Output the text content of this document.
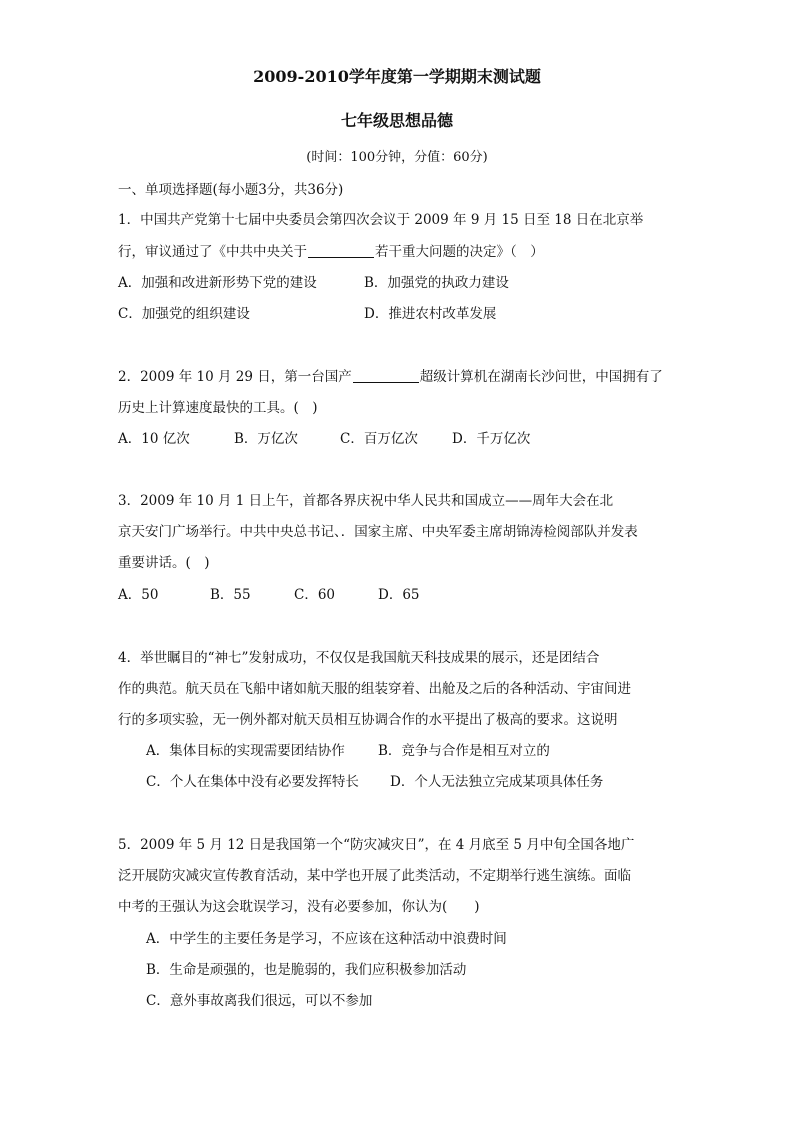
2009-2010学年度第一学期期末测试题
七年级思想品德
(时间：100分钟，分值：60分)
一、单项选择题(每小题3分，共36分)
1．中国共产党第十七届中央委员会第四次会议于 2009 年 9 月 15 日至 18 日在北京举
行，审议通过了《中共中央关于	若干重大问题的决定》（　）
A．加强和改进新形势下党的建设	B．加强党的执政力建设
C．加强党的组织建设	D．推进农村改革发展
2．2009 年 10 月 29 日，第一台国产	超级计算机在湖南长沙问世，中国拥有了
历史上计算速度最快的工具。(　)
A．10 亿次	B．万亿次	C．百万亿次	D．千万亿次
3．2009 年 10 月 1 日上午，首都各界庆祝中华人民共和国成立——周年大会在北
京天安门广场举行。中共中央总书记、．国家主席、中央军委主席胡锦涛检阅部队并发表
重要讲话。(　)
A．50	B．55	C．60	D．65
4．举世瞩目的“神七”发射成功，不仅仅是我国航天科技成果的展示，还是团结合
作的典范。航天员在飞船中诸如航天服的组装穿着、出舱及之后的各种活动、宇宙间进
行的多项实验，无一例外都对航天员相互协调合作的水平提出了极高的要求。这说明
A．集体目标的实现需要团结协作 B．竞争与合作是相互对立的
C．个人在集体中没有必要发挥特长 D．个人无法独立完成某项具体任务
5．2009 年 5 月 12 日是我国第一个“防灾减灾日”，在 4 月底至 5 月中旬全国各地广
泛开展防灾减灾宣传教育活动，某中学也开展了此类活动，不定期举行逃生演练。面临
中考的王强认为这会耽误学习，没有必要参加，你认为(　　)
A．中学生的主要任务是学习，不应该在这种活动中浪费时间
B．生命是顽强的，也是脆弱的，我们应积极参加活动
C．意外事故离我们很远，可以不参加
